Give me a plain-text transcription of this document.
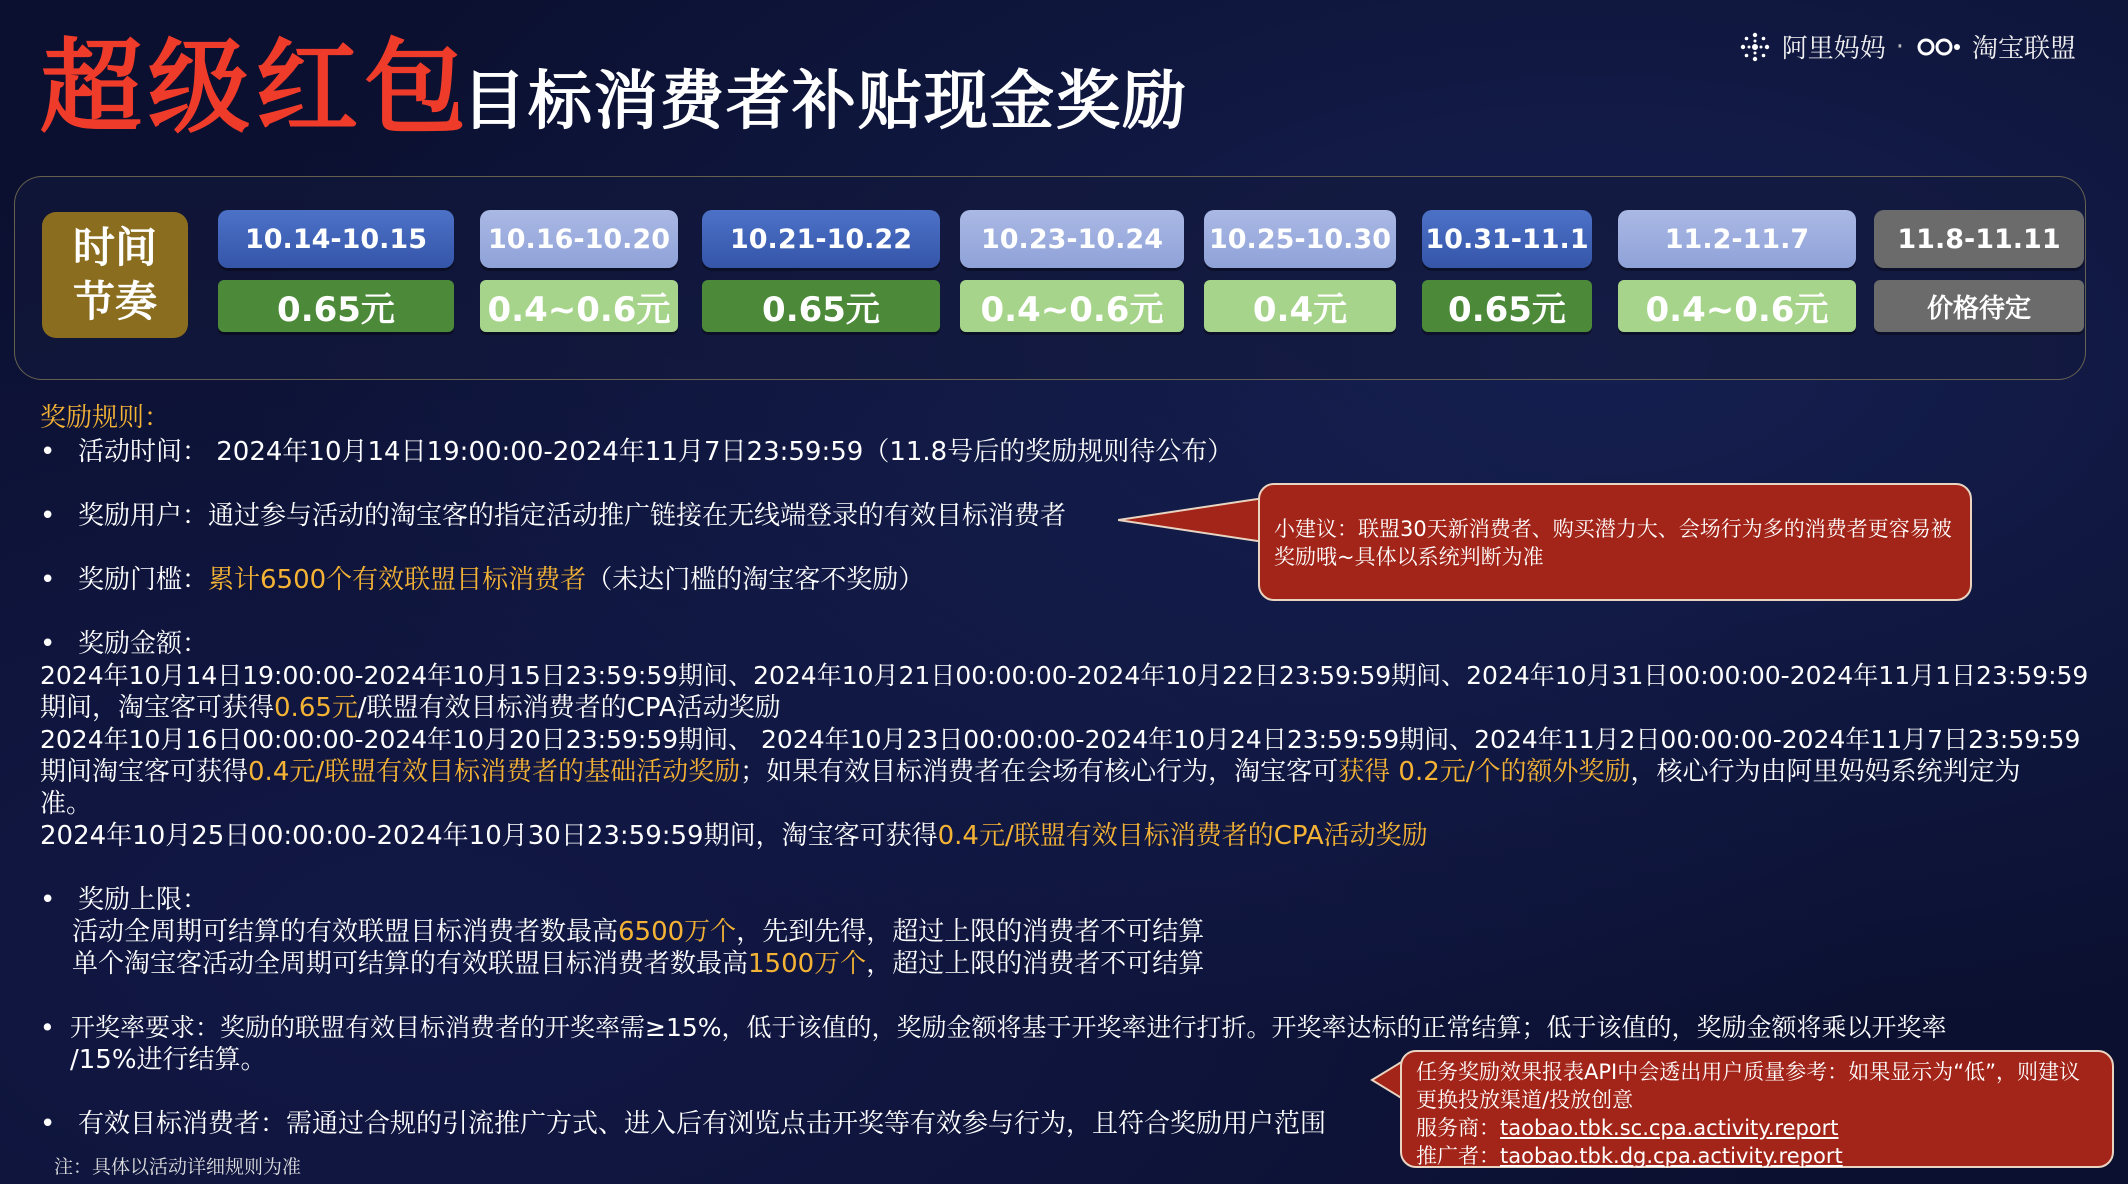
超级红包
目标消费者补贴现金奖励
阿里妈妈 ·	淘宝联盟
时间
节奏
10.14-10.15
0.65元
10.16-10.20
0.4~0.6元
10.21-10.22
0.65元
10.23-10.24
0.4~0.6元
10.25-10.30
0.4元
10.31-11.1
0.65元
11.2-11.7
0.4~0.6元
11.8-11.11
价格待定
奖励规则：
• 活动时间： 2024年10月14日19:00:00-2024年11月7日23:59:59（11.8号后的奖励规则待公布）
• 奖励用户：通过参与活动的淘宝客的指定活动推广链接在无线端登录的有效目标消费者
• 奖励门槛：累计6500个有效联盟目标消费者（未达门槛的淘宝客不奖励）
• 奖励金额：
2024年10月14日19:00:00-2024年10月15日23:59:59期间、2024年10月21日00:00:00-2024年10月22日23:59:59期间、2024年10月31日00:00:00-2024年11月1日23:59:59
期间，淘宝客可获得0.65元/联盟有效目标消费者的CPA活动奖励
2024年10月16日00:00:00-2024年10月20日23:59:59期间、 2024年10月23日00:00:00-2024年10月24日23:59:59期间、2024年11月2日00:00:00-2024年11月7日23:59:59
期间淘宝客可获得0.4元/联盟有效目标消费者的基础活动奖励；如果有效目标消费者在会场有核心行为，淘宝客可获得 0.2元/个的额外奖励，核心行为由阿里妈妈系统判定为
准。
2024年10月25日00:00:00-2024年10月30日23:59:59期间，淘宝客可获得0.4元/联盟有效目标消费者的CPA活动奖励
• 奖励上限：
活动全周期可结算的有效联盟目标消费者数最高6500万个，先到先得，超过上限的消费者不可结算
单个淘宝客活动全周期可结算的有效联盟目标消费者数最高1500万个，超过上限的消费者不可结算
• 开奖率要求：奖励的联盟有效目标消费者的开奖率需≥15%，低于该值的，奖励金额将基于开奖率进行打折。开奖率达标的正常结算；低于该值的，奖励金额将乘以开奖率
/15%进行结算。
• 有效目标消费者：需通过合规的引流推广方式、进入后有浏览点击开奖等有效参与行为，且符合奖励用户范围
注：具体以活动详细规则为准
小建议：联盟30天新消费者、购买潜力大、会场行为多的消费者更容易被奖励哦~具体以系统判断为准
任务奖励效果报表API中会透出用户质量参考：如果显示为“低”，则建议更换投放渠道/投放创意
服务商：taobao.tbk.sc.cpa.activity.report
推广者：taobao.tbk.dg.cpa.activity.report
